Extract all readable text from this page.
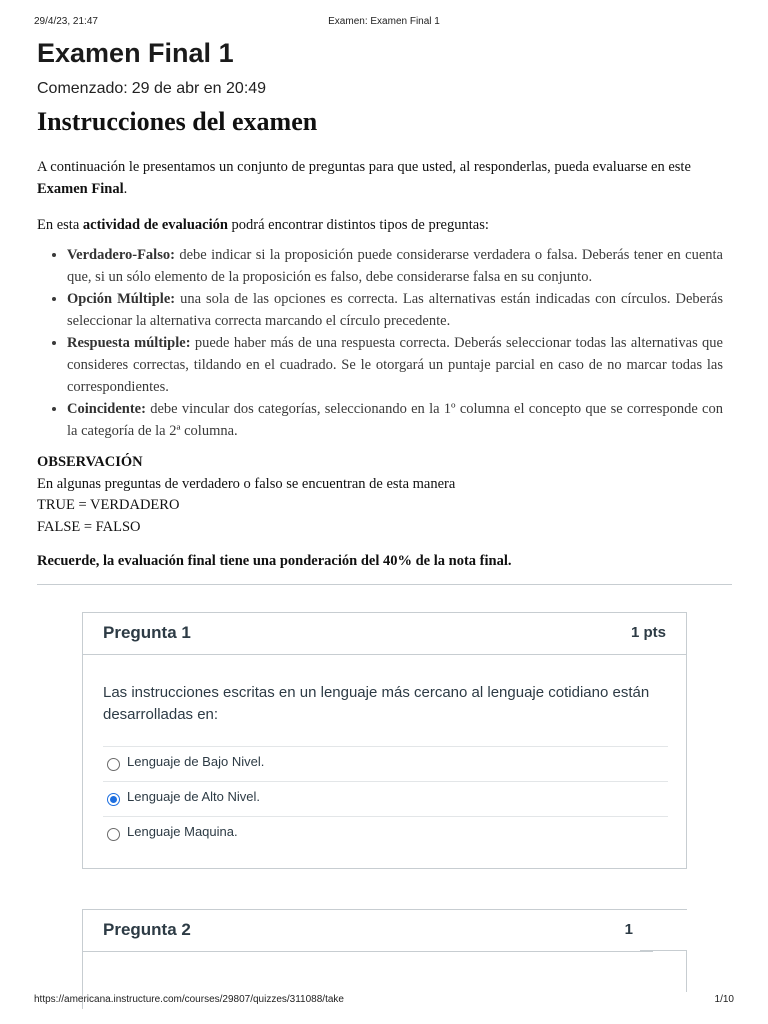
29/4/23, 21:47	Examen: Examen Final 1
Examen Final 1
Comenzado: 29 de abr en 20:49
Instrucciones del examen

A continuación le presentamos un conjunto de preguntas para que usted, al responderlas, pueda evaluarse en este Examen Final.

En esta actividad de evaluación podrá encontrar distintos tipos de preguntas:

• Verdadero-Falso: debe indicar si la proposición puede considerarse verdadera o falsa. Deberás tener en cuenta que, si un sólo elemento de la proposición es falso, debe considerarse falsa en su conjunto.
• Opción Múltiple: una sola de las opciones es correcta. Las alternativas están indicadas con círculos. Deberás seleccionar la alternativa correcta marcando el círculo precedente.
• Respuesta múltiple: puede haber más de una respuesta correcta. Deberás seleccionar todas las alternativas que consideres correctas, tildando en el cuadrado. Se le otorgará un puntaje parcial en caso de no marcar todas las correspondientes.
• Coincidente: debe vincular dos categorías, seleccionando en la 1º columna el concepto que se corresponde con la categoría de la 2ª columna.
OBSERVACIÓN
En algunas preguntas de verdadero o falso se encuentran de esta manera
TRUE = VERDADERO
FALSE = FALSO

Recuerde, la evaluación final tiene una ponderación del 40% de la nota final.

Pregunta 1	1 pts
Las instrucciones escritas en un lenguaje más cercano al lenguaje cotidiano están desarrolladas en:
Lenguaje de Bajo Nivel.
Lenguaje de Alto Nivel.
Lenguaje Maquina.
Pregunta 2	1
https://americana.instructure.com/courses/29807/quizzes/311088/take	1/10
